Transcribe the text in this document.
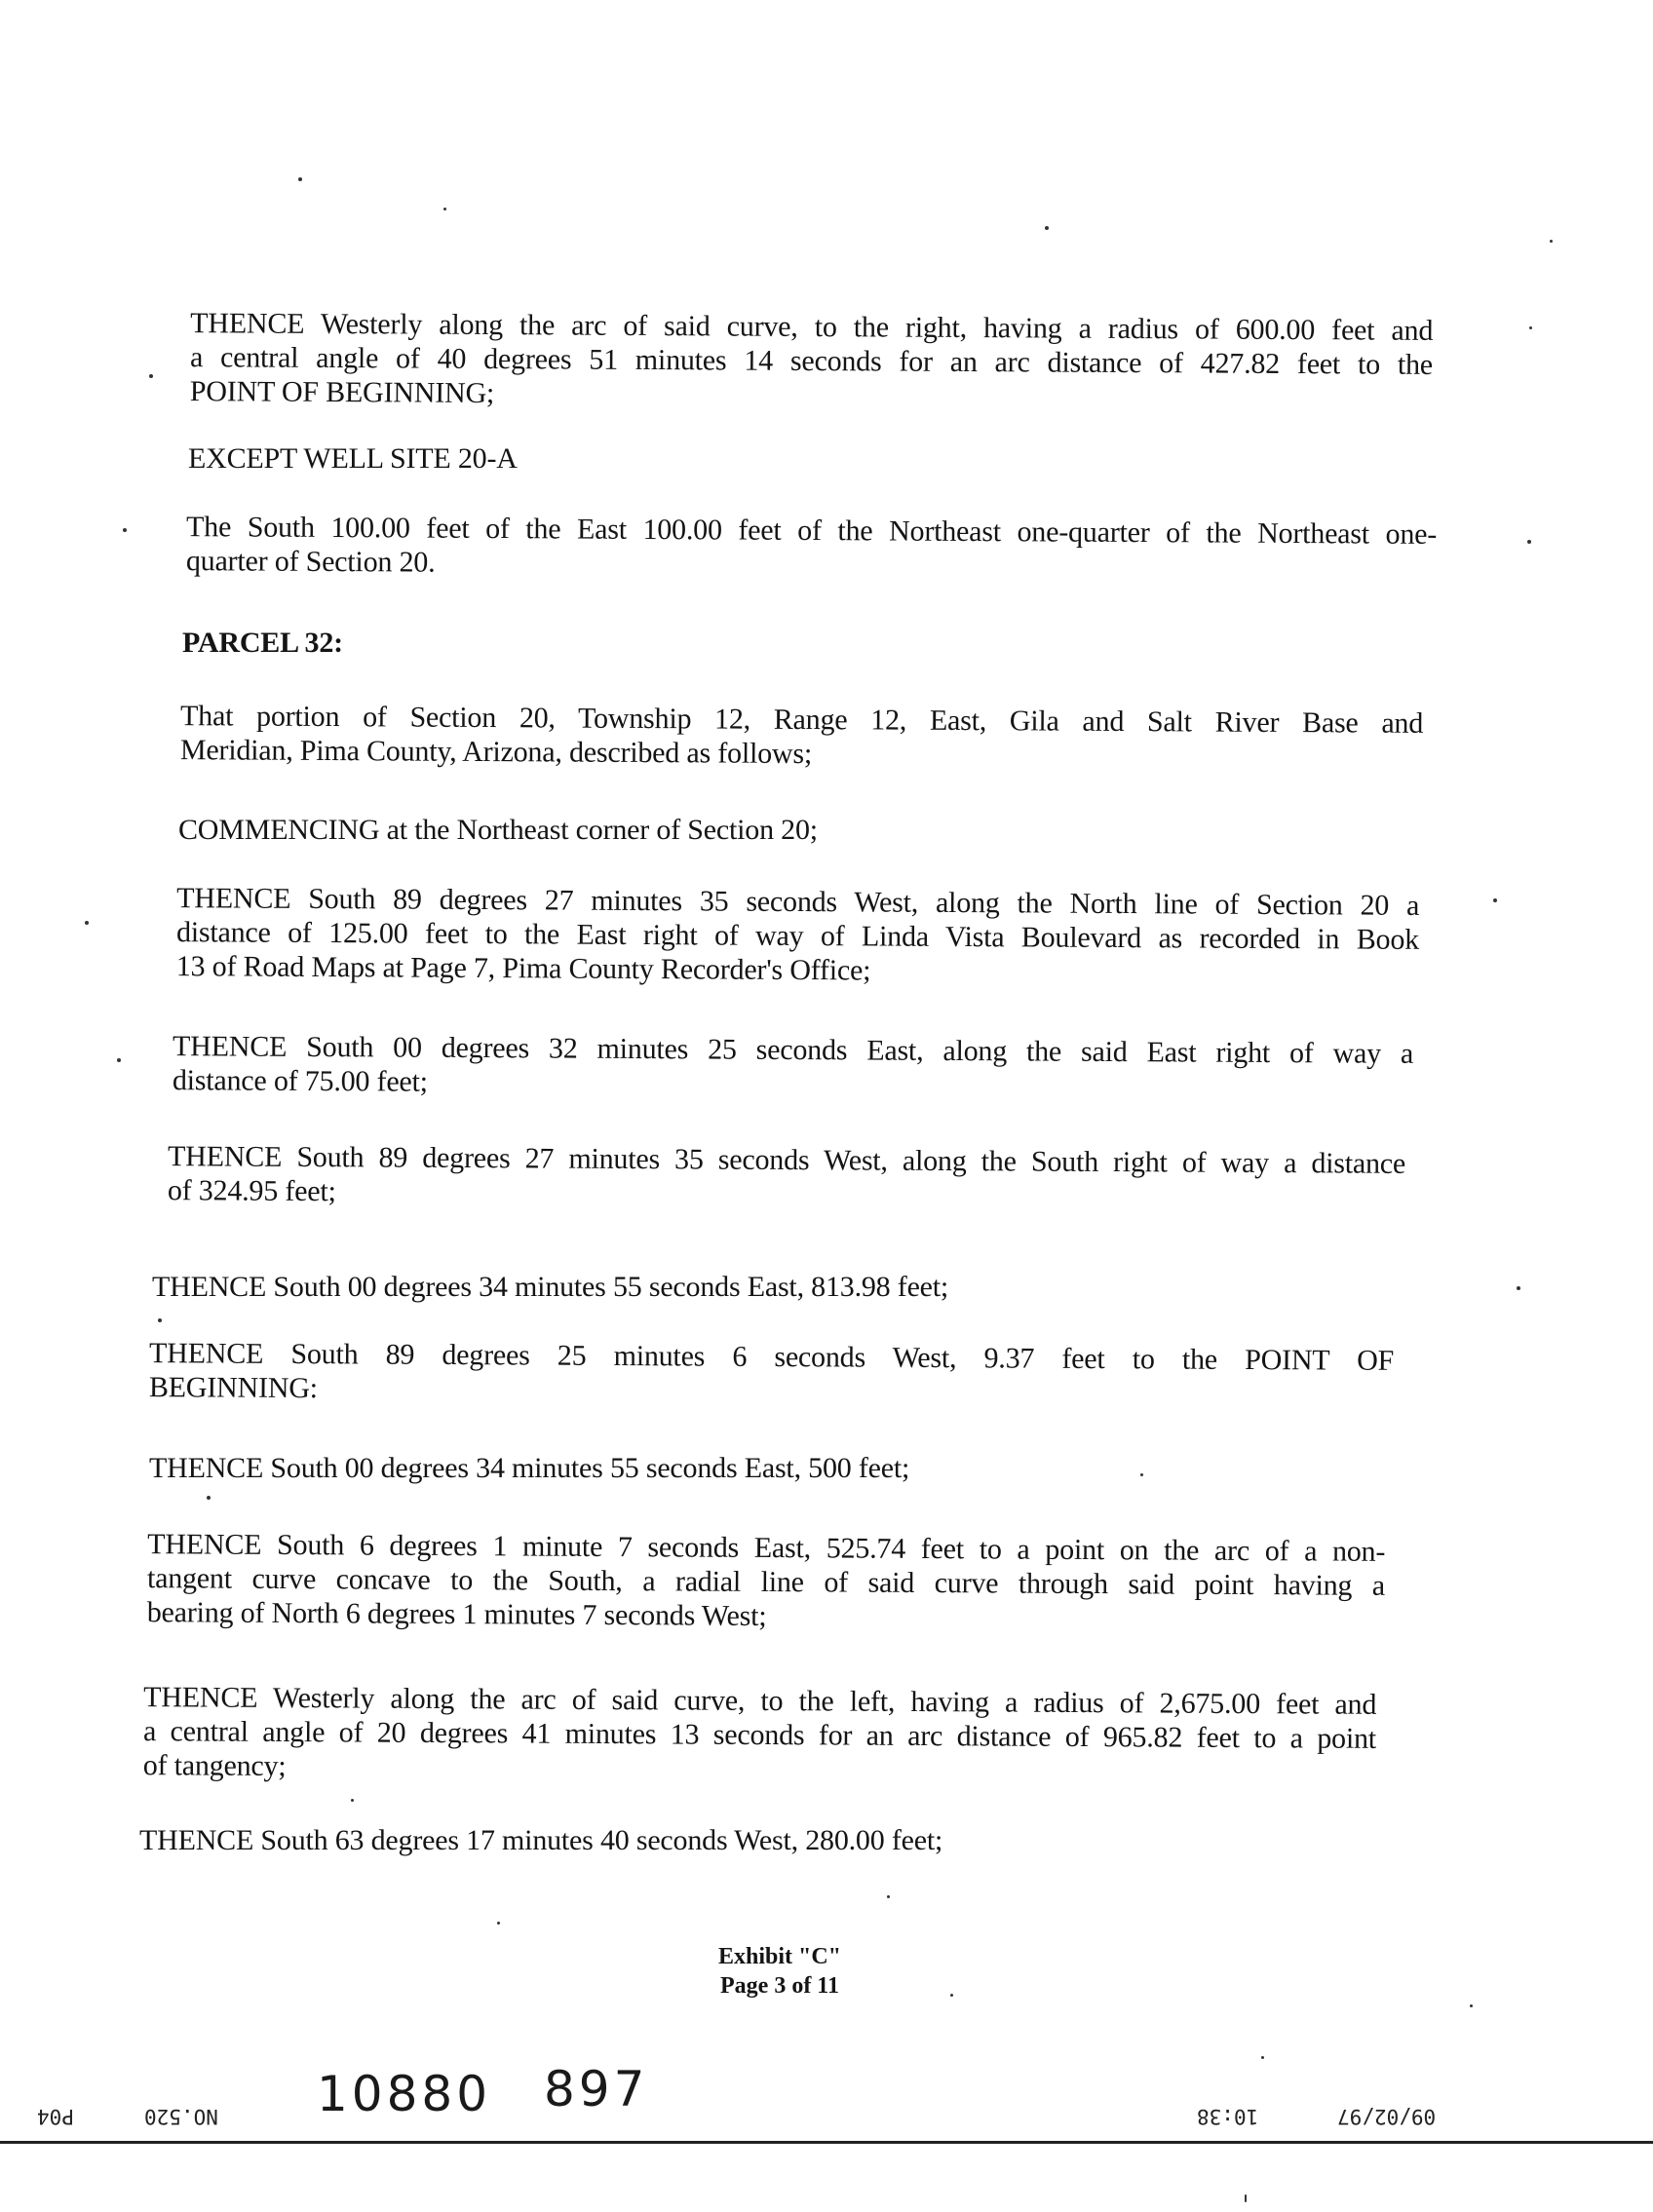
THENCE Westerly along the arc of said curve, to the right, having a radius of 600.00 feet and
a central angle of 40 degrees 51 minutes 14 seconds for an arc distance of 427.82 feet to the
POINT OF BEGINNING;

EXCEPT WELL SITE 20-A

The South 100.00 feet of the East 100.00 feet of the Northeast one-quarter of the Northeast one-
quarter of Section 20.

PARCEL 32:

That portion of Section 20, Township 12, Range 12, East, Gila and Salt River Base and
Meridian, Pima County, Arizona, described as follows;

COMMENCING at the Northeast corner of Section 20;

THENCE South 89 degrees 27 minutes 35 seconds West, along the North line of Section 20 a
distance of 125.00 feet to the East right of way of Linda Vista Boulevard as recorded in Book
13 of Road Maps at Page 7, Pima County Recorder's Office;

THENCE South 00 degrees 32 minutes 25 seconds East, along the said East right of way a
distance of 75.00 feet;

THENCE South 89 degrees 27 minutes 35 seconds West, along the South right of way a distance
of 324.95 feet;

THENCE South 00 degrees 34 minutes 55 seconds East, 813.98 feet;

THENCE South 89 degrees 25 minutes 6 seconds West, 9.37 feet to the POINT OF
BEGINNING:

THENCE South 00 degrees 34 minutes 55 seconds East, 500 feet;

THENCE South 6 degrees 1 minute 7 seconds East, 525.74 feet to a point on the arc of a non-
tangent curve concave to the South, a radial line of said curve through said point having a
bearing of North 6 degrees 1 minutes 7 seconds West;

THENCE Westerly along the arc of said curve, to the left, having a radius of 2,675.00 feet and
a central angle of 20 degrees 41 minutes 13 seconds for an arc distance of 965.82 feet to a point
of tangency;

THENCE South 63 degrees 17 minutes 40 seconds West, 280.00 feet;

Exhibit "C"
Page 3 of 11
10880 897
P04	NO.520	10:38	09/02/97
